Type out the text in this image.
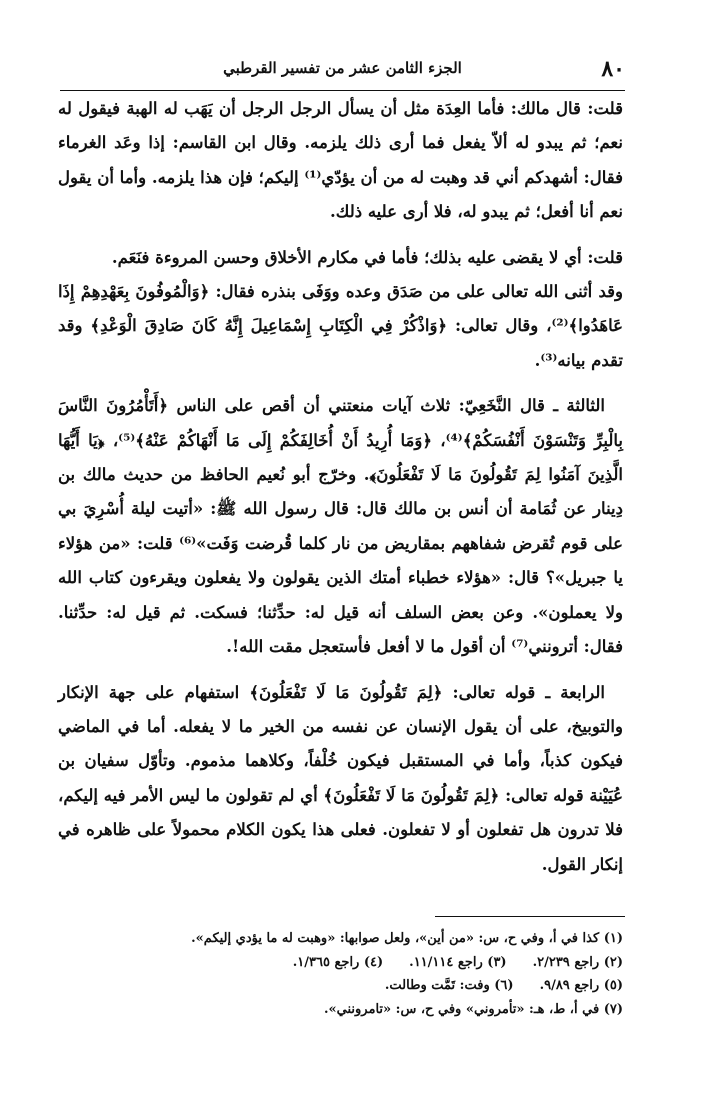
٨٠
الجزء الثامن عشر من تفسير القرطبي

قلت: قال مالك: فأما العِدَة مثل أن يسأل الرجل الرجل أن يَهَب له الهبة فيقول له نعم؛ ثم يبدو له ألاّ يفعل فما أرى ذلك يلزمه. وقال ابن القاسم: إذا وعَد الغرماء فقال: أشهدكم أني قد وهبت له من أن يؤدّي⁽¹⁾ إليكم؛ فإن هذا يلزمه. وأما أن يقول نعم أنا أفعل؛ ثم يبدو له، فلا أرى عليه ذلك.

قلت: أي لا يقضى عليه بذلك؛ فأما في مكارم الأخلاق وحسن المروءة فنَعَم.

وقد أثنى الله تعالى على من صَدَق وعده ووَفَى بنذره فقال: ﴿وَالْمُوفُونَ بِعَهْدِهِمْ إِذَا عَاهَدُوا﴾⁽²⁾، وقال تعالى: ﴿وَاذْكُرْ فِي الْكِتَابِ إِسْمَاعِيلَ إِنَّهُ كَانَ صَادِقَ الْوَعْدِ﴾ وقد تقدم بيانه⁽³⁾.

الثالثة ـ قال النَّخَعِيّ: ثلاث آيات منعتني أن أقص على الناس ﴿أَتَأْمُرُونَ النَّاسَ بِالْبِرِّ وَتَنْسَوْنَ أَنْفُسَكُمْ﴾⁽⁴⁾، ﴿وَمَا أُرِيدُ أَنْ أُخَالِفَكُمْ إِلَى مَا أَنْهَاكُمْ عَنْهُ﴾⁽⁵⁾، ﴿يَا أَيُّهَا الَّذِينَ آمَنُوا لِمَ تَقُولُونَ مَا لَا تَفْعَلُونَ﴾. وخرّج أبو نُعيم الحافظ من حديث مالك بن دِينار عن ثُمَامة أن أنس بن مالك قال: قال رسول الله ﷺ: «أتيت ليلة أُسْرِيَ بي على قوم تُقرض شفاههم بمقاريض من نار كلما قُرضت وَفَت»⁽⁶⁾ قلت: «من هؤلاء يا جبريل»؟ قال: «هؤلاء خطباء أمتك الذين يقولون ولا يفعلون ويقرءون كتاب الله ولا يعملون». وعن بعض السلف أنه قيل له: حدِّثنا؛ فسكت. ثم قيل له: حدِّثنا. فقال: أترونني⁽⁷⁾ أن أقول ما لا أفعل فأستعجل مقت الله!.

الرابعة ـ قوله تعالى: ﴿لِمَ تَقُولُونَ مَا لَا تَفْعَلُونَ﴾ استفهام على جهة الإنكار والتوبيخ، على أن يقول الإنسان عن نفسه من الخير ما لا يفعله. أما في الماضي فيكون كذباً، وأما في المستقبل فيكون خُلْفاً، وكلاهما مذموم. وتأوّل سفيان بن عُيَيْنة قوله تعالى: ﴿لِمَ تَقُولُونَ مَا لَا تَفْعَلُونَ﴾ أي لم تقولون ما ليس الأمر فيه إليكم، فلا تدرون هل تفعلون أو لا تفعلون. فعلى هذا يكون الكلام محمولاً على ظاهره في إنكار القول.

(١) كذا في أ، وفي ح، س: «من أين»، ولعل صوابها: «وهبت له ما يؤدي إليكم».
(٢) راجع ٢/٢٣٩.(٣) راجع ١١/١١٤.(٤) راجع ١/٣٦٥.
(٥) راجع ٩/٨٩.(٦) وفت: تَمَّت وطالت.
(٧) في أ، ط، هـ: «تأمروني» وفي ح، س: «تامرونني».
